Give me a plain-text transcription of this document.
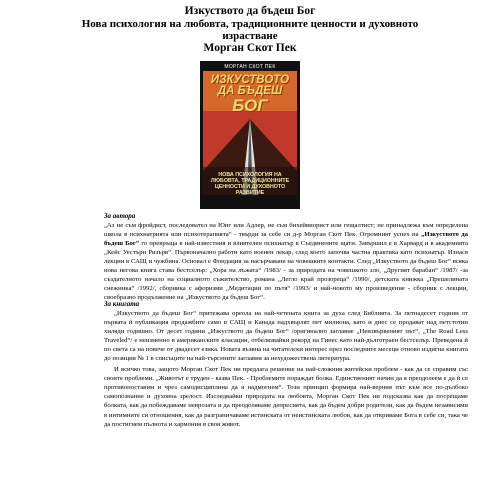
Изкуството да бъдеш Бог

Нова психология на любовта, традиционните ценности и духовното израстване

Морган Скот Пек

МОРГАН СКОТ ПЕК
ИЗКУСТВОТО
ДА БЪДЕШ
БОГ
НОВА ПСИХОЛОГИЯ НА ЛЮБОВТА, ТРАДИЦИОННИТЕ ЦЕННОСТИ И ДУХОВНОТО РАЗВИТИЕ

За автора

„Аз не съм фройдист, последовател на Юнг или Адлер, не съм бихейвиорист или гещалтист; не принадлежа към определена школа в психиатрията или психотерапията“ - твърди за себе си д-р Морган Скот Пек. Огромният успех на „Изкуството да бъдеш Бог“ го превръща в най-известния и влиятелен психиатър в Съединените щати. Завършил е в Харвард и в академията „Кейс Уестърн Ризърв“. Първоначално работи като военен лекар, след което започва частна практика като психиатър. Изнася лекции в САЩ и чужбина. Основал е Фондация за насърчаване на човешките контакти. След „Изкуството да бъдеш Бог“ всяка нова негова книга става бестселър: „Хора на лъжата“ /1983/ - за природата на човешкото зло, „Другият барабан“ /1987/ -за създателното начало на социалното съжителство, романа „Легло край прозореца“ /1990/, детската книжка „Прешелината снежинка“ /1992/, сборника с афоризми „Медитации по пътя“ /1993/ и най-новото му произведение - сборник с лекции, своебразно продължение на „Изкуството да бъдеш Бог“.

За книгата

„Изкуството да бъдеш Бог“ притежава ореола на най-четената книга за духа след Библията. За петнадесет години от първата й публикация продажбите само в САЩ и Канада надхвърлят пет милиона, като и днес се продават над петстотин хиляди годишно. От десет години „Изкуството да бъдеш Бог“ /оригинално заглавие „Неизвървеният път“, „The Road Less Traveled“/ е неизменно в американските класации, отбелязвайки рекорд на Гинес като най-дълготраен бестселър. Преведена й по света са на повече от двадесет езика. Новата възвна на читателски интерес през последните месеци отново издигна книгата до позиция № 1 в списъците на най-търсените заглавия за нехудожествена литература.

И всичко това, защото Морган Скот Пек ни предлага решение на най-сложния житейски проблем - как да се справим със своите проблеми. „Животът е труден - казва Пек. - Проблемите пораждат болка. Единственият начин да я преодолеем е да й се противопоставим и чрез самодисциплина да я надмогнем“. Този принцип формира най-верния път към все по-дълбоко самопознание и духовна зрелост. Изследвайки природата на любовта, Морган Скот Пек ни подсказва как да посрещаме болката, как да побеждаваме неврозата и да преодоляваме депресията, как да бъдем добри родители, как да бъдем независими в интимните си отношения, как да разграничаваме истинската от неистинската любов, как да откриваме Бога в себе си, така че да постигнем пълнота и хармония в своя живот.
